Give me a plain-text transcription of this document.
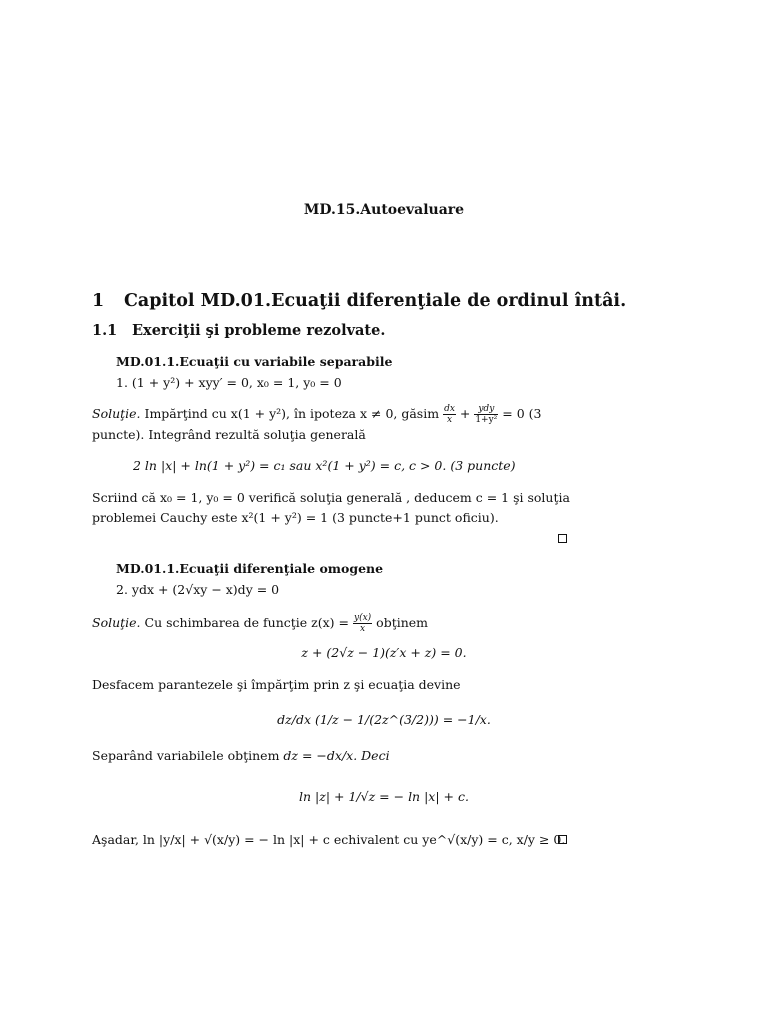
MD.15.Autoevaluare
1 Capitol MD.01.Ecuaţii diferenţiale de ordinul întâi.
1.1 Exerciţii şi probleme rezolvate.
MD.01.1.Ecuaţii cu variabile separabile
1. (1 + y²) + xyy′ = 0, x₀ = 1, y₀ = 0
Soluţie. Impărţind cu x(1 + y²), în ipoteza x ≠ 0, găsim $\frac{dx}{x} + \frac{\text{ydy}}{\text{1+y²}} = 0$ (3
puncte). Integrând rezultă soluţia generală
2 ln |x| + ln(1 + y²) = c₁ sau x²(1 + y²) = c, c > 0. (3 puncte)
Scriind că x₀ = 1, y₀ = 0 verifică soluţia generală , deducem c = 1 şi soluţia
problemei Cauchy este x²(1 + y²) = 1 (3 puncte+1 punct oficiu).
MD.01.1.Ecuaţii diferenţiale omogene
2. ydx + (2√xy − x)dy = 0
Soluţie. Cu schimbarea de funcţie $z(x) = \frac{y(x)}{x}$ obţinem
z + (2√z − 1)(z′x + z) = 0.
Desfacem parantezele şi împărţim prin z şi ecuaţia devine
dz/dx (1/z − 1/(2z^(3/2))) = −1/x.
Separând variabilele obţinem dz = −dx/x. Deci
ln |z| + 1/√z = − ln |x| + c.
Aşadar, ln |y/x| + √(x/y) = − ln |x| + c echivalent cu ye^√(x/y) = c, x/y ≥ 0.
